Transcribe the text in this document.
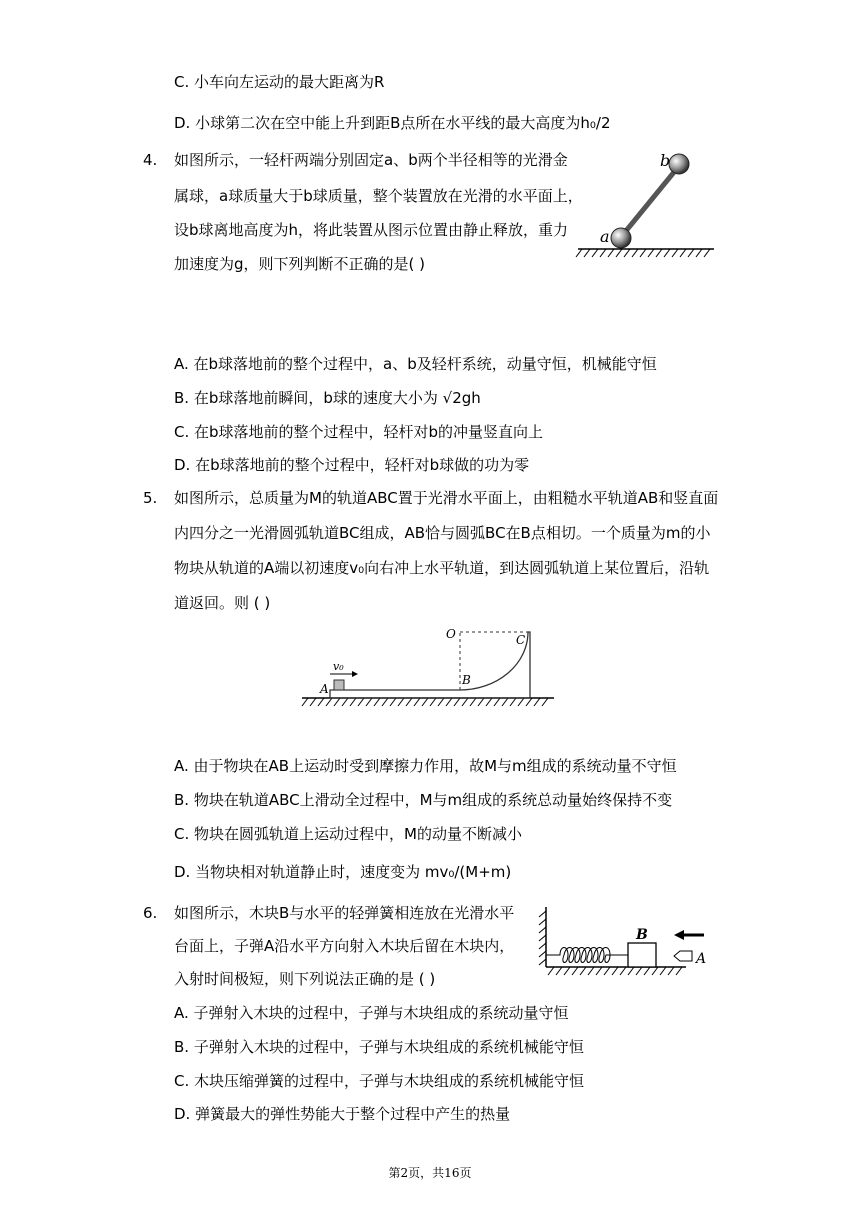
C. 小车向左运动的最大距离为R
D. 小球第二次在空中能上升到距B点所在水平线的最大高度为h₀/2
4. 如图所示，一轻杆两端分别固定a、b两个半径相等的光滑金
属球，a球质量大于b球质量，整个装置放在光滑的水平面上，
设b球离地高度为h，将此装置从图示位置由静止释放，重力
加速度为g，则下列判断不正确的是( )
b
a
A. 在b球落地前的整个过程中，a、b及轻杆系统，动量守恒，机械能守恒
B. 在b球落地前瞬间，b球的速度大小为 √2gh
C. 在b球落地前的整个过程中，轻杆对b的冲量竖直向上
D. 在b球落地前的整个过程中，轻杆对b球做的功为零
5. 如图所示，总质量为M的轨道ABC置于光滑水平面上，由粗糙水平轨道AB和竖直面
内四分之一光滑圆弧轨道BC组成，AB恰与圆弧BC在B点相切。一个质量为m的小
物块从轨道的A端以初速度v₀向右冲上水平轨道，到达圆弧轨道上某位置后，沿轨
道返回。则 ( )
v₀
A
B
O	C
A. 由于物块在AB上运动时受到摩擦力作用，故M与m组成的系统动量不守恒
B. 物块在轨道ABC上滑动全过程中，M与m组成的系统总动量始终保持不变
C. 物块在圆弧轨道上运动过程中，M的动量不断减小
D. 当物块相对轨道静止时，速度变为 mv₀/(M+m)
6. 如图所示，木块B与水平的轻弹簧相连放在光滑水平
台面上，子弹A沿水平方向射入木块后留在木块内，
入射时间极短，则下列说法正确的是 ( )
B
A
A. 子弹射入木块的过程中，子弹与木块组成的系统动量守恒
B. 子弹射入木块的过程中，子弹与木块组成的系统机械能守恒
C. 木块压缩弹簧的过程中，子弹与木块组成的系统机械能守恒
D. 弹簧最大的弹性势能大于整个过程中产生的热量
第2页，共16页
